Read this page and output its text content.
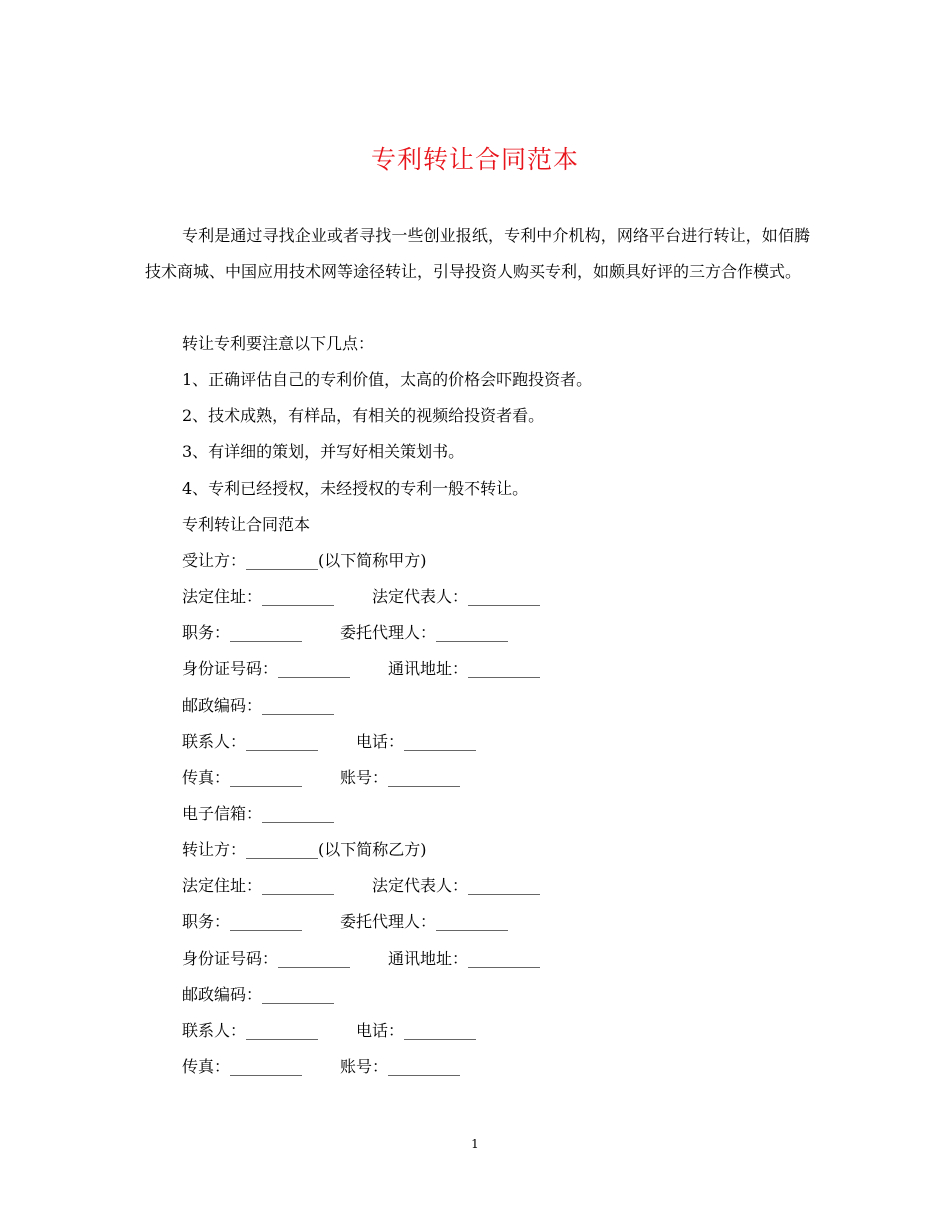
专利转让合同范本

专利是通过寻找企业或者寻找一些创业报纸，专利中介机构，网络平台进行转让，如佰腾技术商城、中国应用技术网等途径转让，引导投资人购买专利，如颇具好评的三方合作模式。

转让专利要注意以下几点：
1、正确评估自己的专利价值，太高的价格会吓跑投资者。
2、技术成熟，有样品，有相关的视频给投资者看。
3、有详细的策划，并写好相关策划书。
4、专利已经授权，未经授权的专利一般不转让。
专利转让合同范本
受让方：_________(以下简称甲方)
法定住址：_________ 法定代表人：_________
职务：_________ 委托代理人：_________
身份证号码：_________ 通讯地址：_________
邮政编码：_________
联系人：_________ 电话：_________
传真：_________ 账号：_________
电子信箱：_________
转让方：_________(以下简称乙方)
法定住址：_________ 法定代表人：_________
职务：_________ 委托代理人：_________
身份证号码：_________ 通讯地址：_________
邮政编码：_________
联系人：_________ 电话：_________
传真：_________ 账号：_________
1
